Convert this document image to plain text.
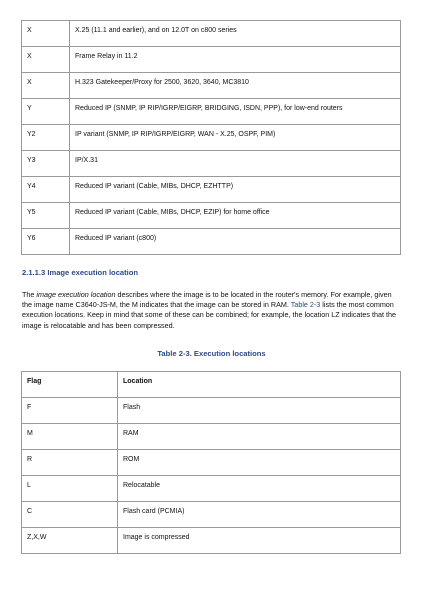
X	X.25 (11.1 and earlier), and on 12.0T on c800 series
X	Frame Relay in 11.2
X	H.323 Gatekeeper/Proxy for 2500, 3620, 3640, MC3810
Y	Reduced IP (SNMP, IP RIP/IGRP/EIGRP, BRIDGING, ISDN, PPP), for low-end routers
Y2	IP variant (SNMP, IP RIP/IGRP/EIGRP, WAN - X.25, OSPF, PIM)
Y3	IP/X.31
Y4	Reduced IP variant (Cable, MIBs, DHCP, EZHTTP)
Y5	Reduced IP variant (Cable, MIBs, DHCP, EZIP) for home office
Y6	Reduced IP variant (c800)
2.1.1.3 Image execution location

The image execution location describes where the image is to be located in the router's memory. For example, given the image name C3640-JS-M, the M indicates that the image can be stored in RAM. Table 2-3 lists the most common execution locations. Keep in mind that some of these can be combined; for example, the location LZ indicates that the image is relocatable and has been compressed.

Table 2-3. Execution locations
Flag	Location
F	Flash
M	RAM
R	ROM
L	Relocatable
C	Flash card (PCMIA)
Z,X,W	Image is compressed
